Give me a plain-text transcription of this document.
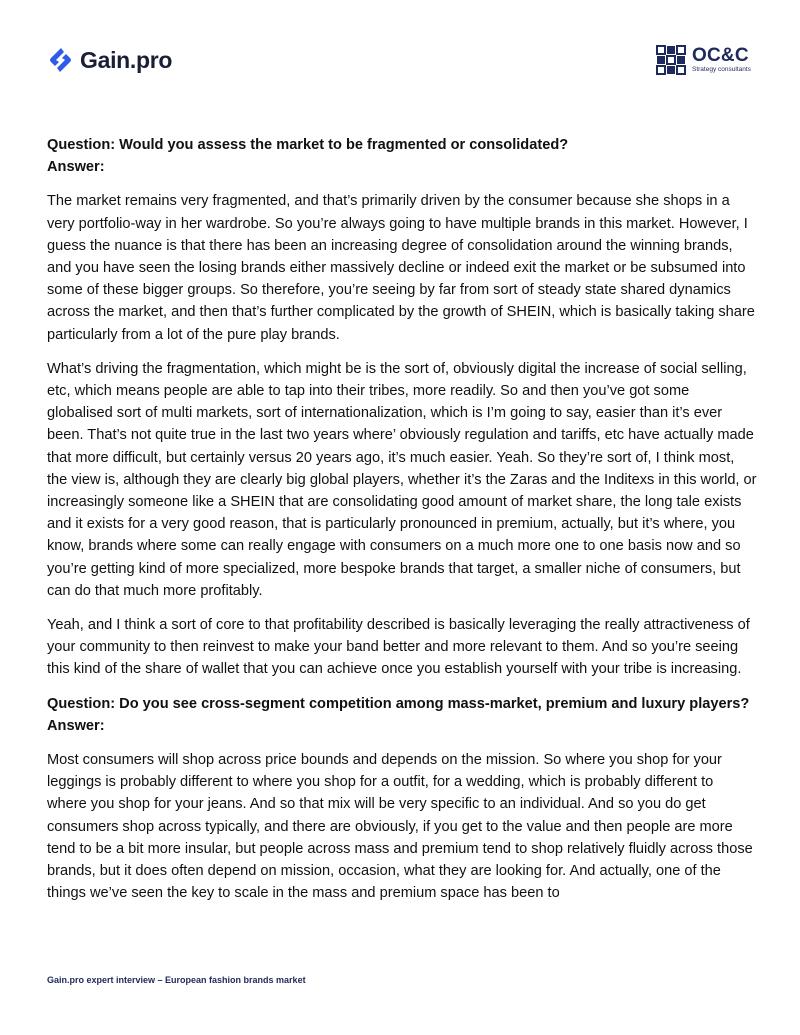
Gain.pro	OC&C
Strategy consultants

Question: Would you assess the market to be fragmented or consolidated?

Answer:

The market remains very fragmented, and that’s primarily driven by the consumer because she shops in a very portfolio-way in her wardrobe. So you’re always going to have multiple brands in this market. However, I guess the nuance is that there has been an increasing degree of consolidation around the winning brands, and you have seen the losing brands either massively decline or indeed exit the market or be subsumed into some of these bigger groups. So therefore, you’re seeing by far from sort of steady state shared dynamics across the market, and then that’s further complicated by the growth of SHEIN, which is basically taking share particularly from a lot of the pure play brands.

What’s driving the fragmentation, which might be is the sort of, obviously digital the increase of social selling, etc, which means people are able to tap into their tribes, more readily. So and then you’ve got some globalised sort of multi markets, sort of internationalization, which is I’m going to say, easier than it’s ever been. That’s not quite true in the last two years where’ obviously regulation and tariffs, etc have actually made that more difficult, but certainly versus 20 years ago, it’s much easier. Yeah. So they’re sort of, I think most, the view is, although they are clearly big global players, whether it’s the Zaras and the Inditexs in this world, or increasingly someone like a SHEIN that are consolidating good amount of market share, the long tale exists and it exists for a very good reason, that is particularly pronounced in premium, actually, but it’s where, you know, brands where some can really engage with consumers on a much more one to one basis now and so you’re getting kind of more specialized, more bespoke brands that target, a smaller niche of consumers, but can do that much more profitably.

Yeah, and I think a sort of core to that profitability described is basically leveraging the really attractiveness of your community to then reinvest to make your band better and more relevant to them. And so you’re seeing this kind of the share of wallet that you can achieve once you establish yourself with your tribe is increasing.

Question: Do you see cross-segment competition among mass-market, premium and luxury players?

Answer:

Most consumers will shop across price bounds and depends on the mission. So where you shop for your leggings is probably different to where you shop for a outfit, for a wedding, which is probably different to where you shop for your jeans. And so that mix will be very specific to an individual. And so you do get consumers shop across typically, and there are obviously, if you get to the value and then people are more tend to be a bit more insular, but people across mass and premium tend to shop relatively fluidly across those brands, but it does often depend on mission, occasion, what they are looking for. And actually, one of the things we’ve seen the key to scale in the mass and premium space has been to

Gain.pro expert interview – European fashion brands market
